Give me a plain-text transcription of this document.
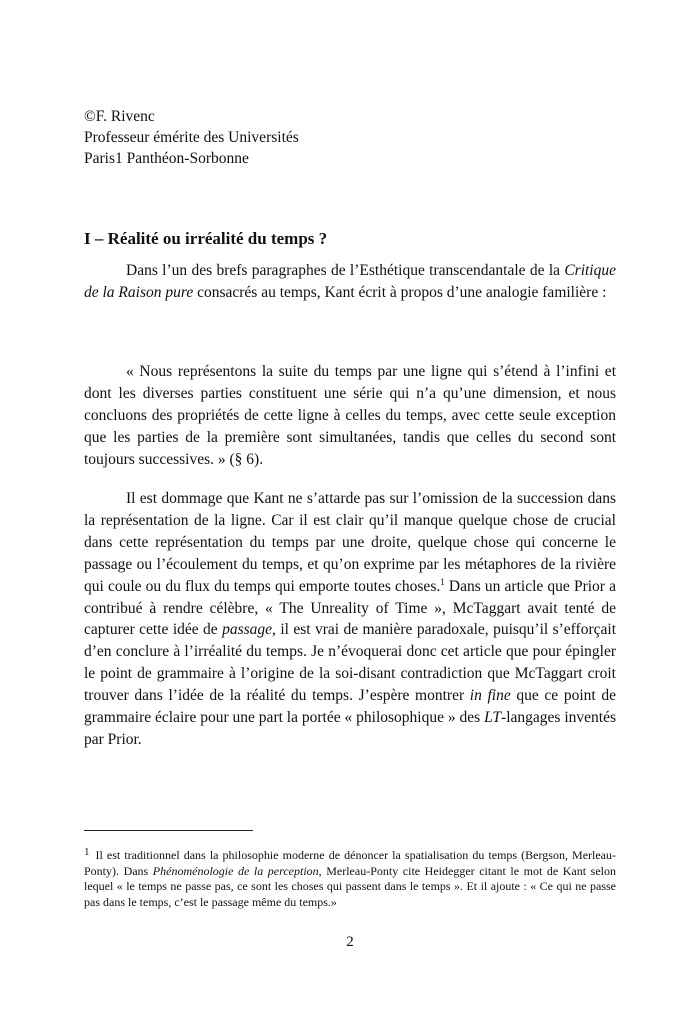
©F. Rivenc
Professeur émérite des Universités
Paris1 Panthéon-Sorbonne
I – Réalité ou irréalité du temps ?
Dans l’un des brefs paragraphes de l’Esthétique transcendantale de la Critique de la Raison pure consacrés au temps, Kant écrit à propos d’une analogie familière :
« Nous représentons la suite du temps par une ligne qui s’étend à l’infini et dont les diverses parties constituent une série qui n’a qu’une dimension, et nous concluons des propriétés de cette ligne à celles du temps, avec cette seule exception que les parties de la première sont simultanées, tandis que celles du second sont toujours successives. » (§ 6).
Il est dommage que Kant ne s’attarde pas sur l’omission de la succession dans la représentation de la ligne. Car il est clair qu’il manque quelque chose de crucial dans cette représentation du temps par une droite, quelque chose qui concerne le passage ou l’écoulement du temps, et qu’on exprime par les métaphores de la rivière qui coule ou du flux du temps qui emporte toutes choses.$^1$ Dans un article que Prior a contribué à rendre célèbre, « The Unreality of Time », McTaggart avait tenté de capturer cette idée de passage, il est vrai de manière paradoxale, puisqu’il s’efforçait d’en conclure à l’irréalité du temps. Je n’évoquerai donc cet article que pour épingler le point de grammaire à l’origine de la soi-disant contradiction que McTaggart croit trouver dans l’idée de la réalité du temps. J’espère montrer in fine que ce point de grammaire éclaire pour une part la portée « philosophique » des LT-langages inventés par Prior.
1 Il est traditionnel dans la philosophie moderne de dénoncer la spatialisation du temps (Bergson, Merleau-Ponty). Dans Phénoménologie de la perception, Merleau-Ponty cite Heidegger citant le mot de Kant selon lequel « le temps ne passe pas, ce sont les choses qui passent dans le temps ». Et il ajoute : « Ce qui ne passe pas dans le temps, c’est le passage même du temps.»
2
